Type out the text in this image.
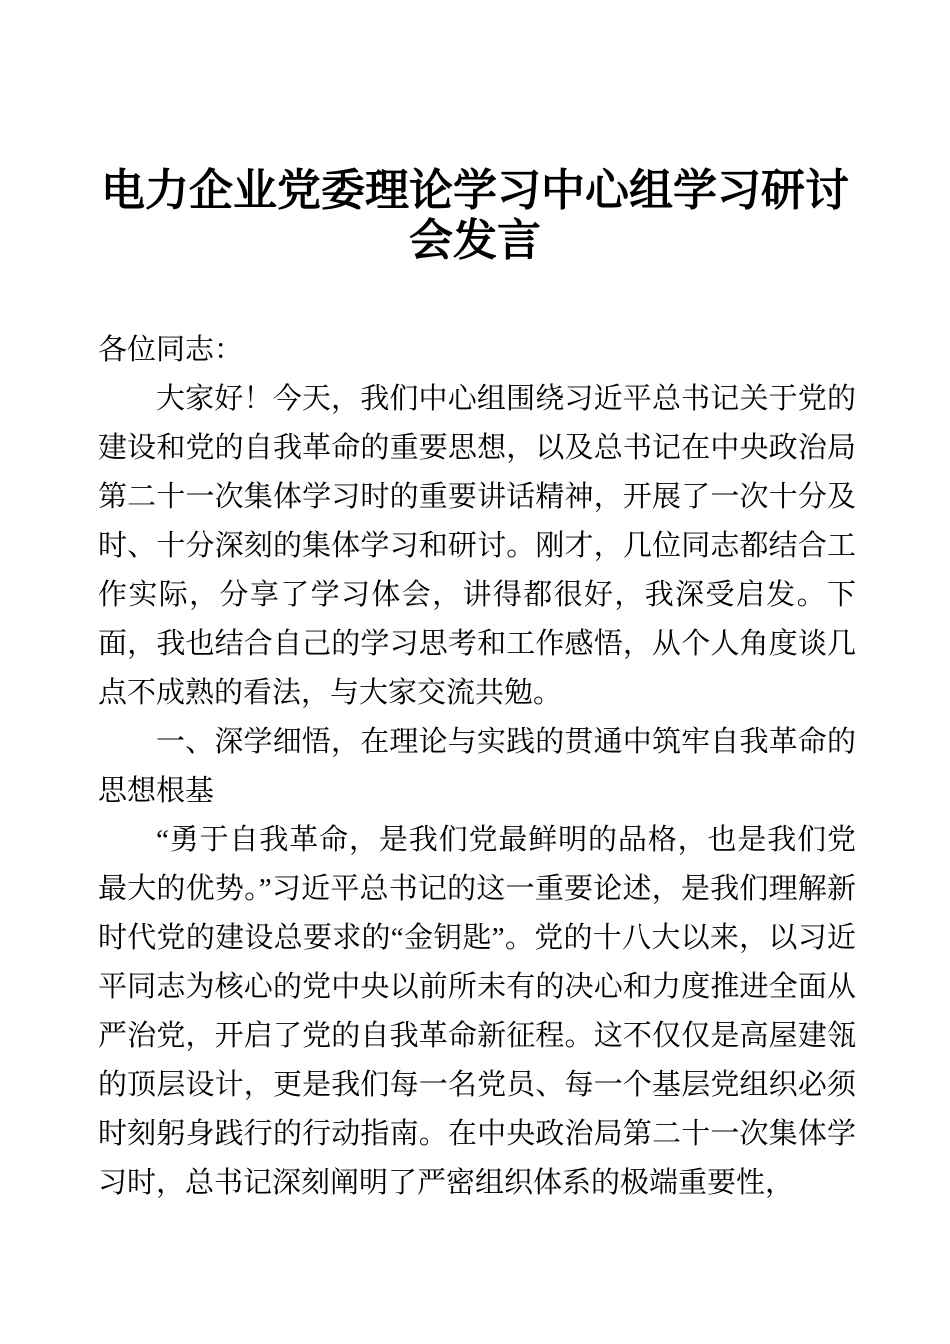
电力企业党委理论学习中心组学习研讨会发言

各位同志：

大家好！今天，我们中心组围绕习近平总书记关于党的建设和党的自我革命的重要思想，以及总书记在中央政治局第二十一次集体学习时的重要讲话精神，开展了一次十分及时、十分深刻的集体学习和研讨。刚才，几位同志都结合工作实际，分享了学习体会，讲得都很好，我深受启发。下面，我也结合自己的学习思考和工作感悟，从个人角度谈几点不成熟的看法，与大家交流共勉。

一、深学细悟，在理论与实践的贯通中筑牢自我革命的思想根基

“勇于自我革命，是我们党最鲜明的品格，也是我们党最大的优势。”习近平总书记的这一重要论述，是我们理解新时代党的建设总要求的“金钥匙”。党的十八大以来，以习近平同志为核心的党中央以前所未有的决心和力度推进全面从严治党，开启了党的自我革命新征程。这不仅仅是高屋建瓴的顶层设计，更是我们每一名党员、每一个基层党组织必须时刻躬身践行的行动指南。在中央政治局第二十一次集体学习时，总书记深刻阐明了严密组织体系的极端重要性，
